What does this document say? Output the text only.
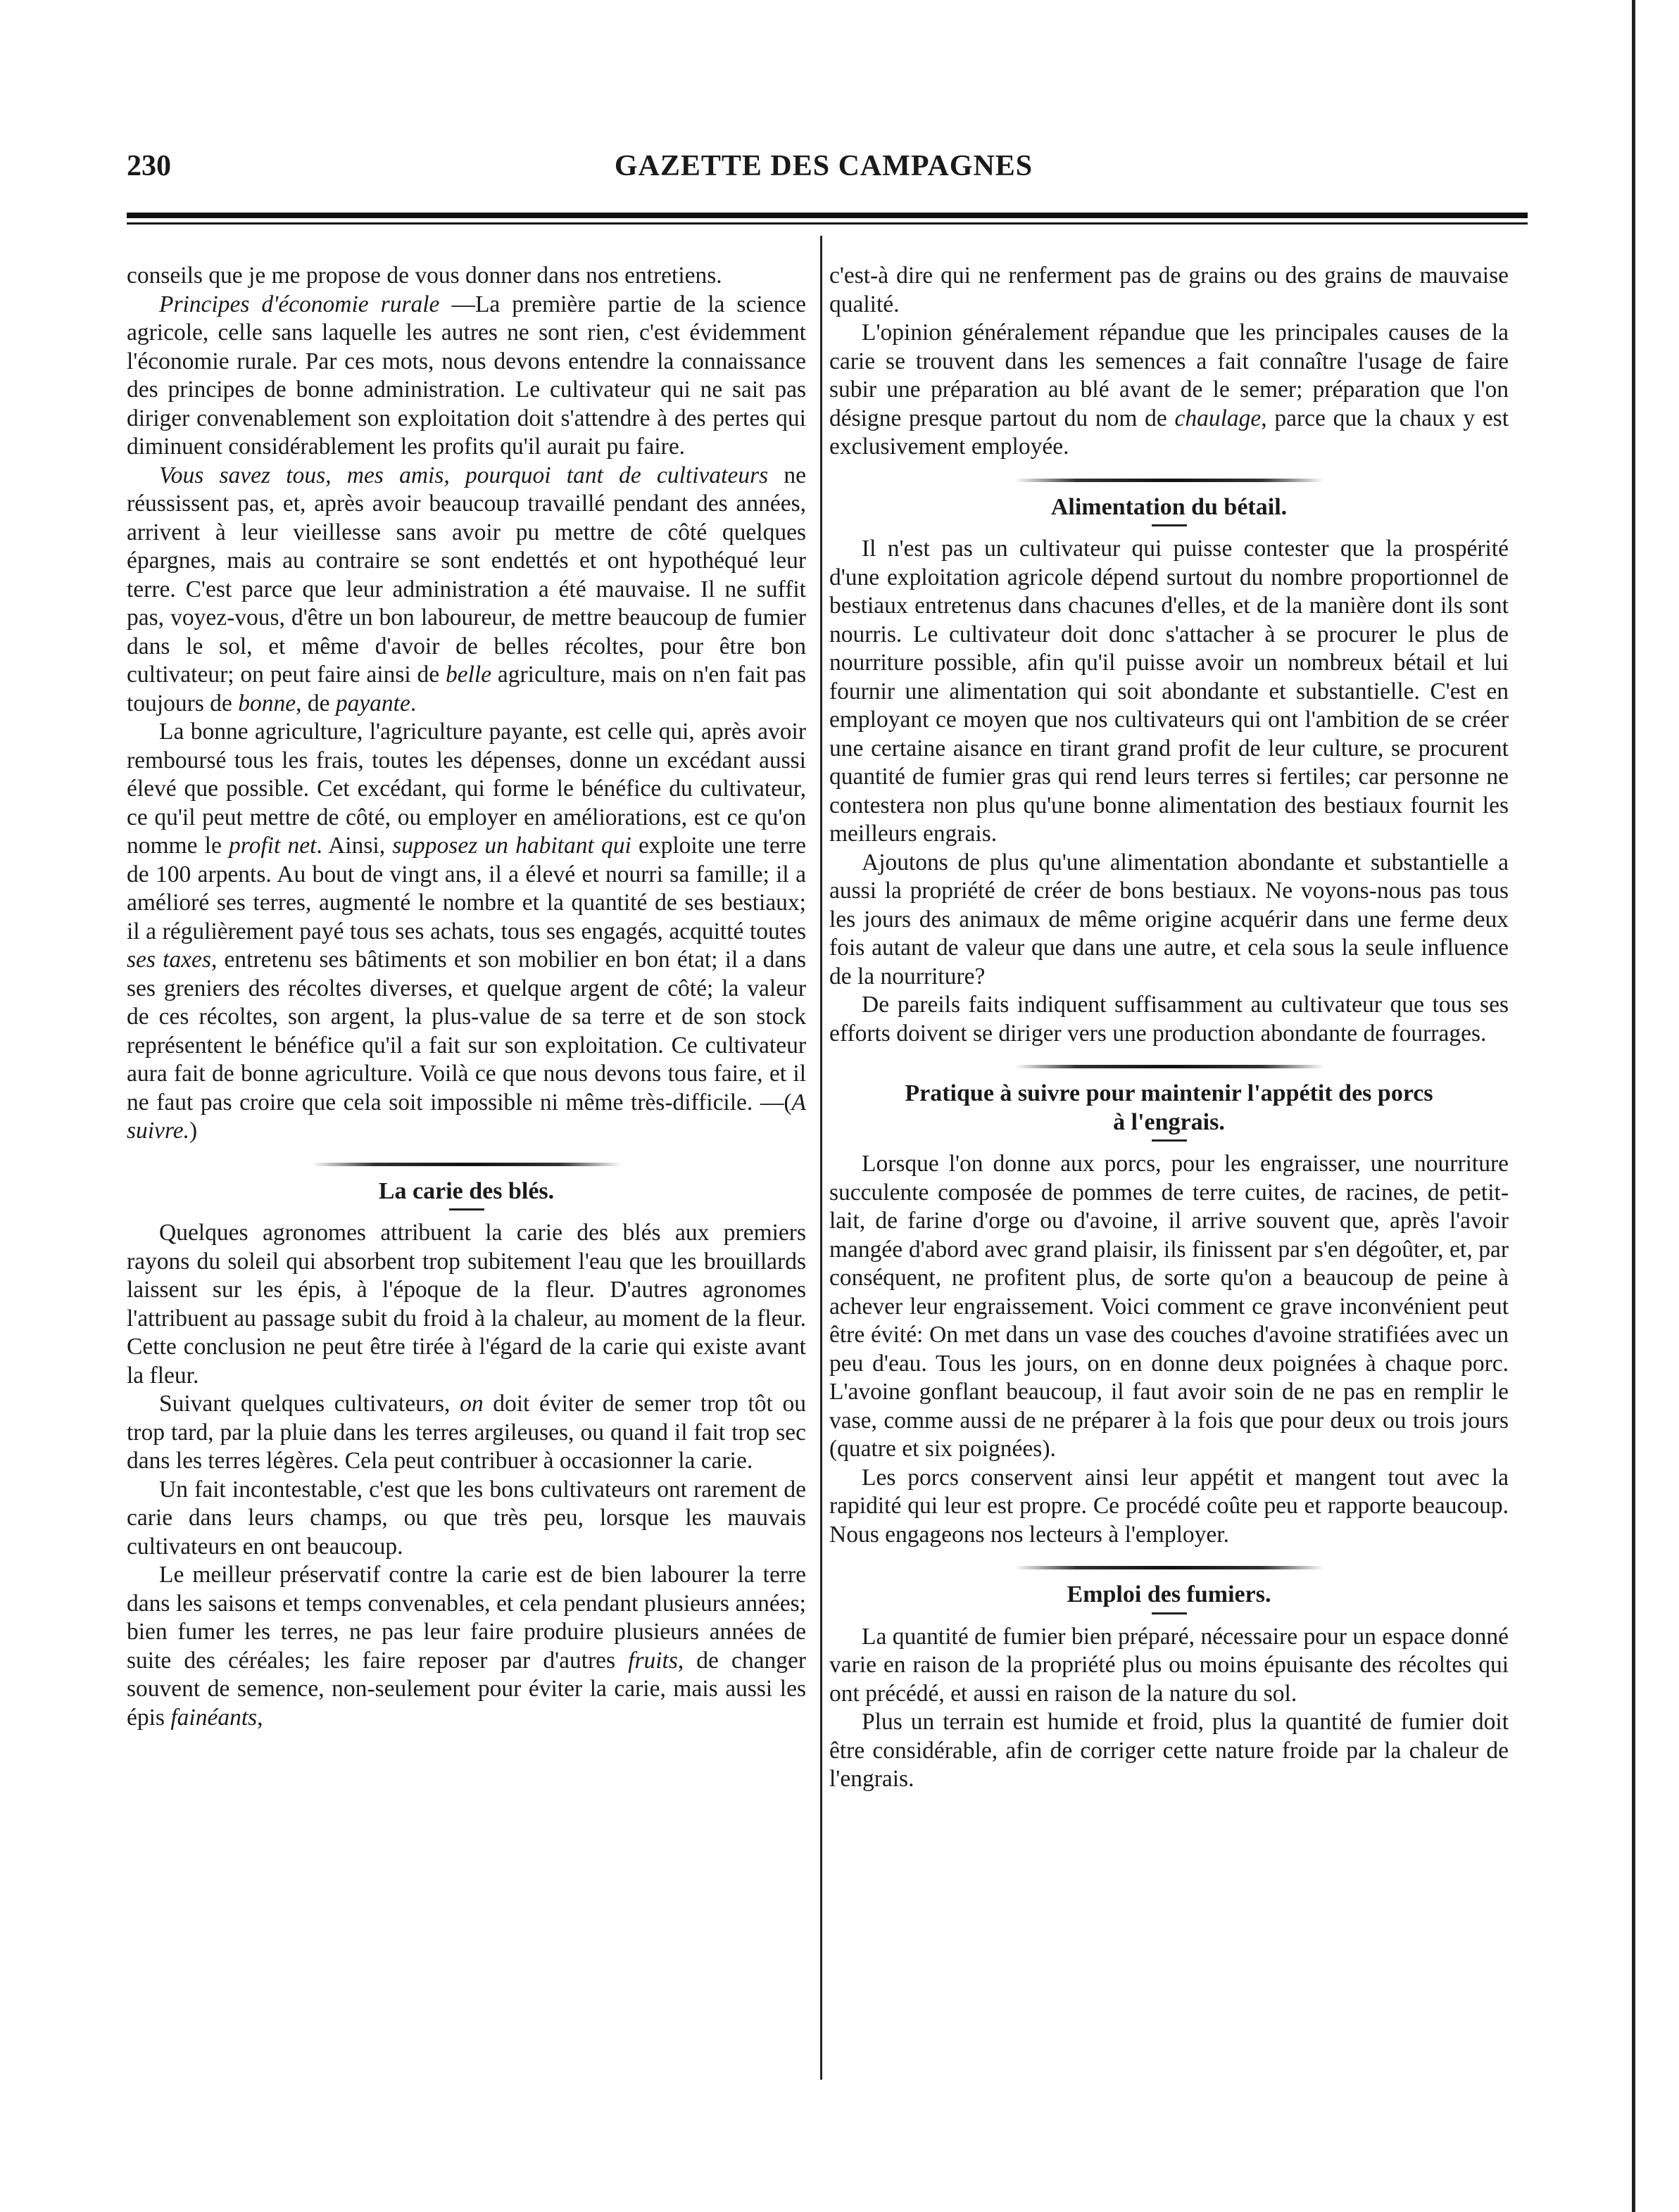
230	GAZETTE DES CAMPAGNES

conseils que je me propose de vous donner dans nos entretiens.

Principes d'économie rurale —La première partie de la science agricole, celle sans laquelle les autres ne sont rien, c'est évidemment l'économie rurale. Par ces mots, nous devons entendre la connaissance des principes de bonne administration. Le cultivateur qui ne sait pas diriger convenablement son exploitation doit s'attendre à des pertes qui diminuent considérablement les profits qu'il aurait pu faire.

Vous savez tous, mes amis, pourquoi tant de cultivateurs ne réussissent pas, et, après avoir beaucoup travaillé pendant des années, arrivent à leur vieillesse sans avoir pu mettre de côté quelques épargnes, mais au contraire se sont endettés et ont hypothéqué leur terre. C'est parce que leur administration a été mauvaise. Il ne suffit pas, voyez-vous, d'être un bon laboureur, de mettre beaucoup de fumier dans le sol, et même d'avoir de belles récoltes, pour être bon cultivateur; on peut faire ainsi de belle agriculture, mais on n'en fait pas toujours de bonne, de payante.

La bonne agriculture, l'agriculture payante, est celle qui, après avoir remboursé tous les frais, toutes les dépenses, donne un excédant aussi élevé que possible. Cet excédant, qui forme le bénéfice du cultivateur, ce qu'il peut mettre de côté, ou employer en améliorations, est ce qu'on nomme le profit net. Ainsi, supposez un habitant qui exploite une terre de 100 arpents. Au bout de vingt ans, il a élevé et nourri sa famille; il a amélioré ses terres, augmenté le nombre et la quantité de ses bestiaux; il a régulièrement payé tous ses achats, tous ses engagés, acquitté toutes ses taxes, entretenu ses bâtiments et son mobilier en bon état; il a dans ses greniers des récoltes diverses, et quelque argent de côté; la valeur de ces récoltes, son argent, la plus-value de sa terre et de son stock représentent le bénéfice qu'il a fait sur son exploitation. Ce cultivateur aura fait de bonne agriculture. Voilà ce que nous devons tous faire, et il ne faut pas croire que cela soit impossible ni même très-difficile. —(A suivre.)

La carie des blés.

Quelques agronomes attribuent la carie des blés aux premiers rayons du soleil qui absorbent trop subitement l'eau que les brouillards laissent sur les épis, à l'époque de la fleur. D'autres agronomes l'attribuent au passage subit du froid à la chaleur, au moment de la fleur. Cette conclusion ne peut être tirée à l'égard de la carie qui existe avant la fleur.

Suivant quelques cultivateurs, on doit éviter de semer trop tôt ou trop tard, par la pluie dans les terres argileuses, ou quand il fait trop sec dans les terres légères. Cela peut contribuer à occasionner la carie.

Un fait incontestable, c'est que les bons cultivateurs ont rarement de carie dans leurs champs, ou que très peu, lorsque les mauvais cultivateurs en ont beaucoup.

Le meilleur préservatif contre la carie est de bien labourer la terre dans les saisons et temps convenables, et cela pendant plusieurs années; bien fumer les terres, ne pas leur faire produire plusieurs années de suite des céréales; les faire reposer par d'autres fruits, de changer souvent de semence, non-seulement pour éviter la carie, mais aussi les épis fainéants,

c'est-à dire qui ne renferment pas de grains ou des grains de mauvaise qualité.

L'opinion généralement répandue que les principales causes de la carie se trouvent dans les semences a fait connaître l'usage de faire subir une préparation au blé avant de le semer; préparation que l'on désigne presque partout du nom de chaulage, parce que la chaux y est exclusivement employée.

Alimentation du bétail.

Il n'est pas un cultivateur qui puisse contester que la prospérité d'une exploitation agricole dépend surtout du nombre proportionnel de bestiaux entretenus dans chacunes d'elles, et de la manière dont ils sont nourris. Le cultivateur doit donc s'attacher à se procurer le plus de nourriture possible, afin qu'il puisse avoir un nombreux bétail et lui fournir une alimentation qui soit abondante et substantielle. C'est en employant ce moyen que nos cultivateurs qui ont l'ambition de se créer une certaine aisance en tirant grand profit de leur culture, se procurent quantité de fumier gras qui rend leurs terres si fertiles; car personne ne contestera non plus qu'une bonne alimentation des bestiaux fournit les meilleurs engrais.

Ajoutons de plus qu'une alimentation abondante et substantielle a aussi la propriété de créer de bons bestiaux. Ne voyons-nous pas tous les jours des animaux de même origine acquérir dans une ferme deux fois autant de valeur que dans une autre, et cela sous la seule influence de la nourriture?

De pareils faits indiquent suffisamment au cultivateur que tous ses efforts doivent se diriger vers une production abondante de fourrages.

Pratique à suivre pour maintenir l'appétit des porcs

à l'engrais.

Lorsque l'on donne aux porcs, pour les engraisser, une nourriture succulente composée de pommes de terre cuites, de racines, de petit-lait, de farine d'orge ou d'avoine, il arrive souvent que, après l'avoir mangée d'abord avec grand plaisir, ils finissent par s'en dégoûter, et, par conséquent, ne profitent plus, de sorte qu'on a beaucoup de peine à achever leur engraissement. Voici comment ce grave inconvénient peut être évité: On met dans un vase des couches d'avoine stratifiées avec un peu d'eau. Tous les jours, on en donne deux poignées à chaque porc. L'avoine gonflant beaucoup, il faut avoir soin de ne pas en remplir le vase, comme aussi de ne préparer à la fois que pour deux ou trois jours (quatre et six poignées).

Les porcs conservent ainsi leur appétit et mangent tout avec la rapidité qui leur est propre. Ce procédé coûte peu et rapporte beaucoup. Nous engageons nos lecteurs à l'employer.

Emploi des fumiers.

La quantité de fumier bien préparé, nécessaire pour un espace donné varie en raison de la propriété plus ou moins épuisante des récoltes qui ont précédé, et aussi en raison de la nature du sol.

Plus un terrain est humide et froid, plus la quantité de fumier doit être considérable, afin de corriger cette nature froide par la chaleur de l'engrais.
